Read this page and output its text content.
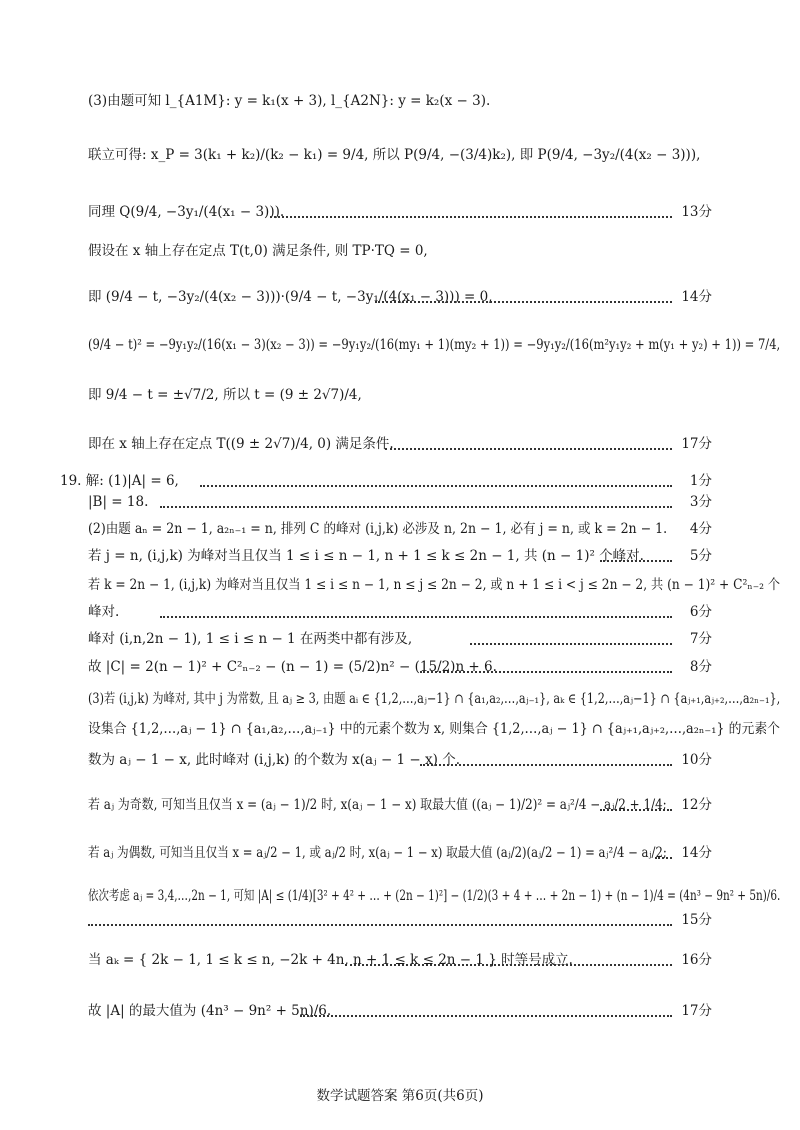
(3)由题可知 l_{A1M}: y = k₁(x + 3), l_{A2N}: y = k₂(x − 3).
联立可得: x_P = 3(k₁ + k₂)/(k₂ − k₁) = 9/4, 所以 P(9/4, −(3/4)k₂), 即 P(9/4, −3y₂/(4(x₂ − 3))),
同理 Q(9/4, −3y₁/(4(x₁ − 3))).	13分
假设在 x 轴上存在定点 T(t,0) 满足条件, 则 TP·TQ = 0,
即 (9/4 − t, −3y₂/(4(x₂ − 3)))·(9/4 − t, −3y₁/(4(x₁ − 3))) = 0,	14分
(9/4 − t)² = −9y₁y₂/(16(x₁ − 3)(x₂ − 3)) = −9y₁y₂/(16(my₁ + 1)(my₂ + 1)) = −9y₁y₂/(16(m²y₁y₂ + m(y₁ + y₂) + 1)) = 7/4,
即 9/4 − t = ±√7/2, 所以 t = (9 ± 2√7)/4,
即在 x 轴上存在定点 T((9 ± 2√7)/4, 0) 满足条件.	17分
19. 解: (1)|A| = 6,	1分
|B| = 18.	3分
(2)由题 aₙ = 2n − 1, a₂ₙ₋₁ = n, 排列 C 的峰对 (i,j,k) 必涉及 n, 2n − 1, 必有 j = n, 或 k = 2n − 1. 4分
若 j = n, (i,j,k) 为峰对当且仅当 1 ≤ i ≤ n − 1, n + 1 ≤ k ≤ 2n − 1, 共 (n − 1)² 个峰对.	5分
若 k = 2n − 1, (i,j,k) 为峰对当且仅当 1 ≤ i ≤ n − 1, n ≤ j ≤ 2n − 2, 或 n + 1 ≤ i < j ≤ 2n − 2, 共 (n − 1)² + C²ₙ₋₂ 个
峰对.	6分
峰对 (i,n,2n − 1), 1 ≤ i ≤ n − 1 在两类中都有涉及,	7分
故 |C| = 2(n − 1)² + C²ₙ₋₂ − (n − 1) = (5/2)n² − (15/2)n + 6.	8分
(3)若 (i,j,k) 为峰对, 其中 j 为常数, 且 aⱼ ≥ 3, 由题 aᵢ ∈ {1,2,…,aⱼ−1} ∩ {a₁,a₂,…,aⱼ₋₁}, aₖ ∈ {1,2,…,aⱼ−1} ∩ {aⱼ₊₁,aⱼ₊₂,…,a₂ₙ₋₁},
设集合 {1,2,…,aⱼ − 1} ∩ {a₁,a₂,…,aⱼ₋₁} 中的元素个数为 x, 则集合 {1,2,…,aⱼ − 1} ∩ {aⱼ₊₁,aⱼ₊₂,…,a₂ₙ₋₁} 的元素个
数为 aⱼ − 1 − x, 此时峰对 (i,j,k) 的个数为 x(aⱼ − 1 − x) 个.	10分
若 aⱼ 为奇数, 可知当且仅当 x = (aⱼ − 1)/2 时, x(aⱼ − 1 − x) 取最大值 ((aⱼ − 1)/2)² = aⱼ²/4 − aⱼ/2 + 1/4; 12分
若 aⱼ 为偶数, 可知当且仅当 x = aⱼ/2 − 1, 或 aⱼ/2 时, x(aⱼ − 1 − x) 取最大值 (aⱼ/2)(aⱼ/2 − 1) = aⱼ²/4 − aⱼ/2; 14分
依次考虑 aⱼ = 3,4,…,2n − 1, 可知 |A| ≤ (1/4)[3² + 4² + … + (2n − 1)²] − (1/2)(3 + 4 + … + 2n − 1) + (n − 1)/4 = (4n³ − 9n² + 5n)/6.
15分
当 aₖ = { 2k − 1, 1 ≤ k ≤ n, −2k + 4n, n + 1 ≤ k ≤ 2n − 1 } 时等号成立.	16分
故 |A| 的最大值为 (4n³ − 9n² + 5n)/6.	17分
数学试题答案 第6页(共6页)
